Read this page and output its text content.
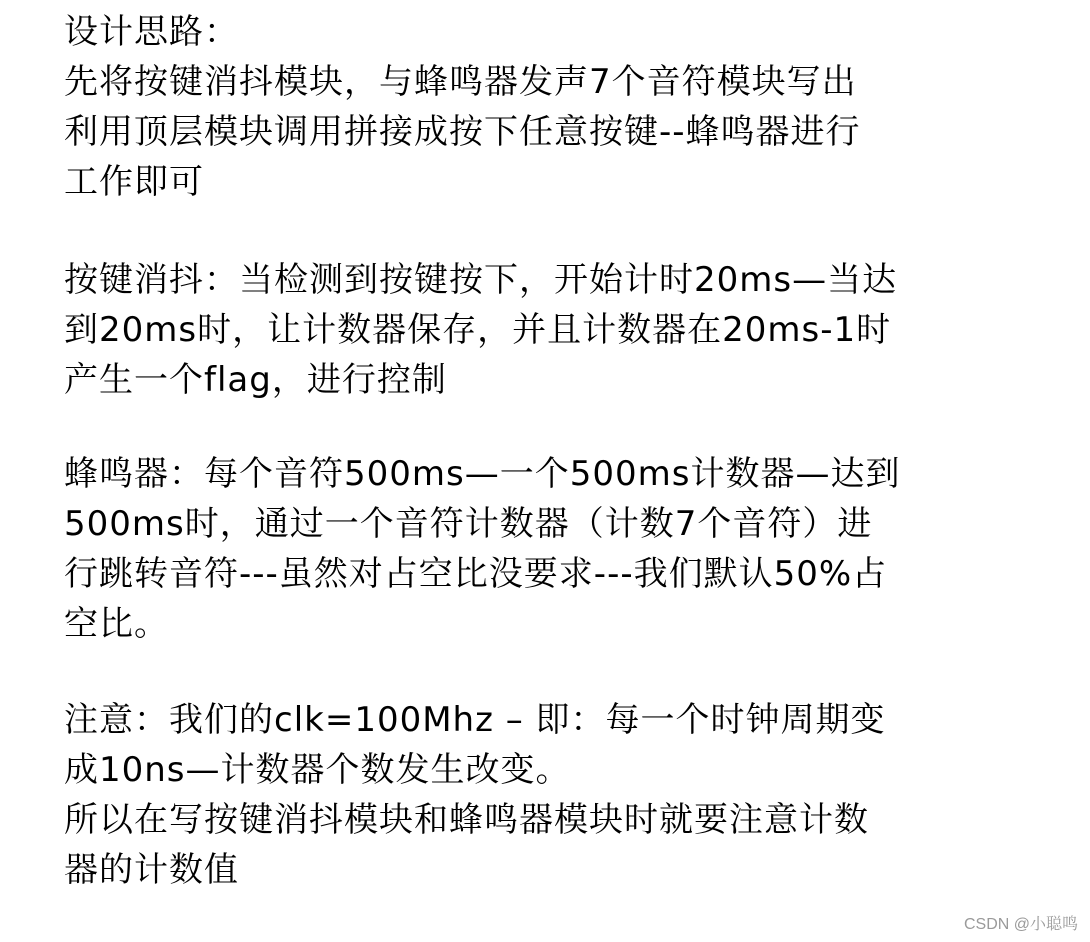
设计思路：
先将按键消抖模块，与蜂鸣器发声7个音符模块写出
利用顶层模块调用拼接成按下任意按键--蜂鸣器进行
工作即可
按键消抖：当检测到按键按下，开始计时20ms—当达
到20ms时，让计数器保存，并且计数器在20ms-1时
产生一个flag，进行控制
蜂鸣器：每个音符500ms—一个500ms计数器—达到
500ms时，通过一个音符计数器（计数7个音符）进
行跳转音符---虽然对占空比没要求---我们默认50%占
空比。
注意：我们的clk=100Mhz – 即：每一个时钟周期变
成10ns—计数器个数发生改变。
所以在写按键消抖模块和蜂鸣器模块时就要注意计数
器的计数值
CSDN @小聪鸣
